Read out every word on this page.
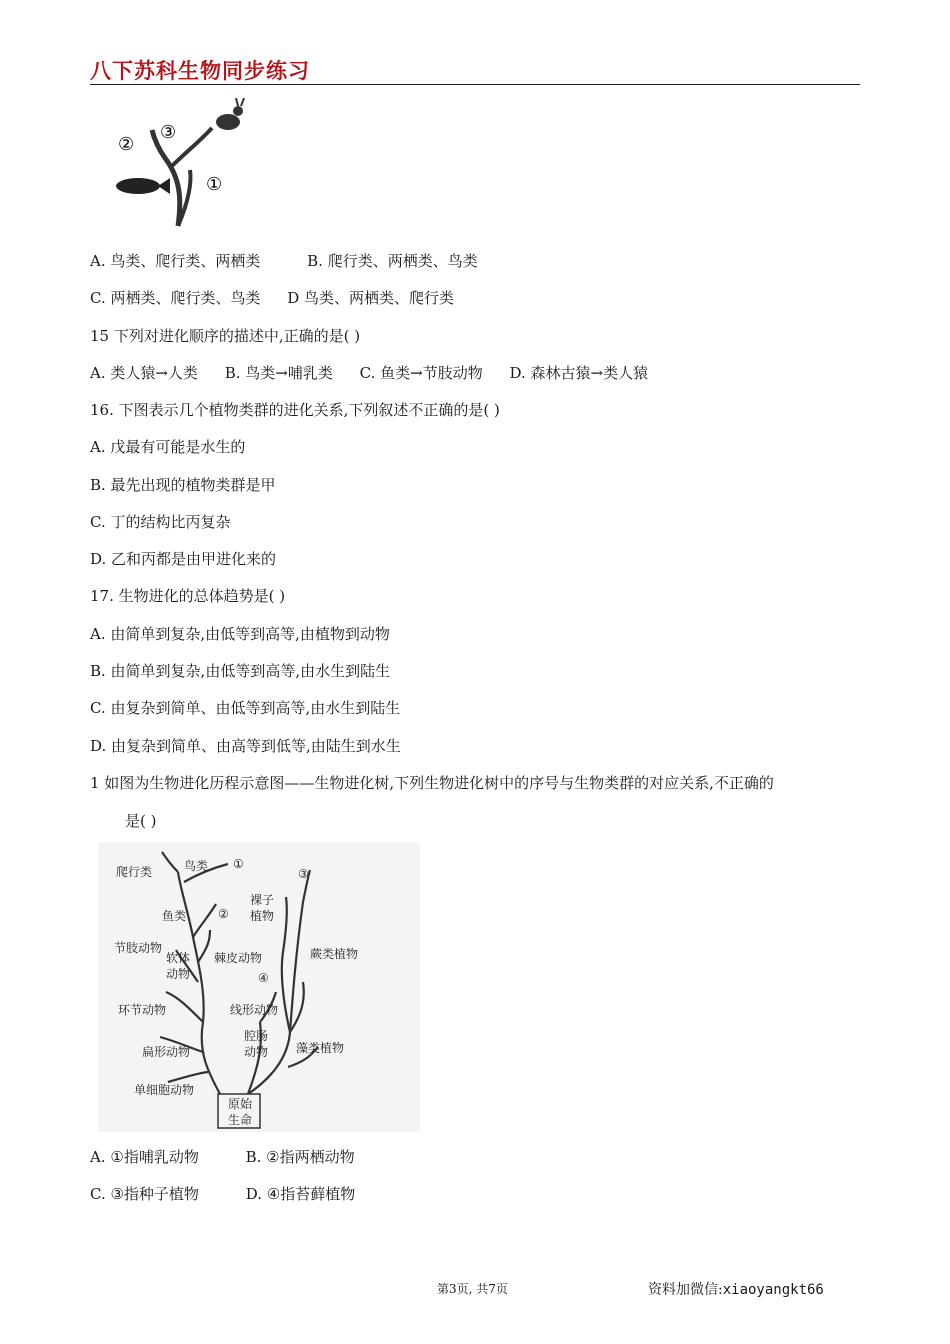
八下苏科生物同步练习
①
②
③
A. 鸟类、爬行类、两栖类	B. 爬行类、两栖类、鸟类
C. 两栖类、爬行类、鸟类 D 鸟类、两栖类、爬行类
15 下列对进化顺序的描述中,正确的是( )
A. 类人猿→人类 B. 鸟类→哺乳类 C. 鱼类→节肢动物 D. 森林古猿→类人猿
16. 下图表示几个植物类群的进化关系,下列叙述不正确的是( )
A. 戊最有可能是水生的
B. 最先出现的植物类群是甲
C. 丁的结构比丙复杂
D. 乙和丙都是由甲进化来的
17. 生物进化的总体趋势是( )
A. 由简单到复杂,由低等到高等,由植物到动物
B. 由简单到复杂,由低等到高等,由水生到陆生
C. 由复杂到简单、由低等到高等,由水生到陆生
D. 由复杂到简单、由高等到低等,由陆生到水生
1 如图为生物进化历程示意图——生物进化树,下列生物进化树中的序号与生物类群的对应关系,不正确的
是( )
爬行类	鸟类 ①
②
③
④
鱼类
裸子
植物
节肢动物
软体
动物
棘皮动物	蕨类植物
环节动物	线形动物
腔肠
动物
扁形动物	藻类植物
单细胞动物
原始
生命
A. ①指哺乳动物	B. ②指两栖动物
C. ③指种子植物	D. ④指苔藓植物
第3页, 共7页	资料加微信:xiaoyangkt66
